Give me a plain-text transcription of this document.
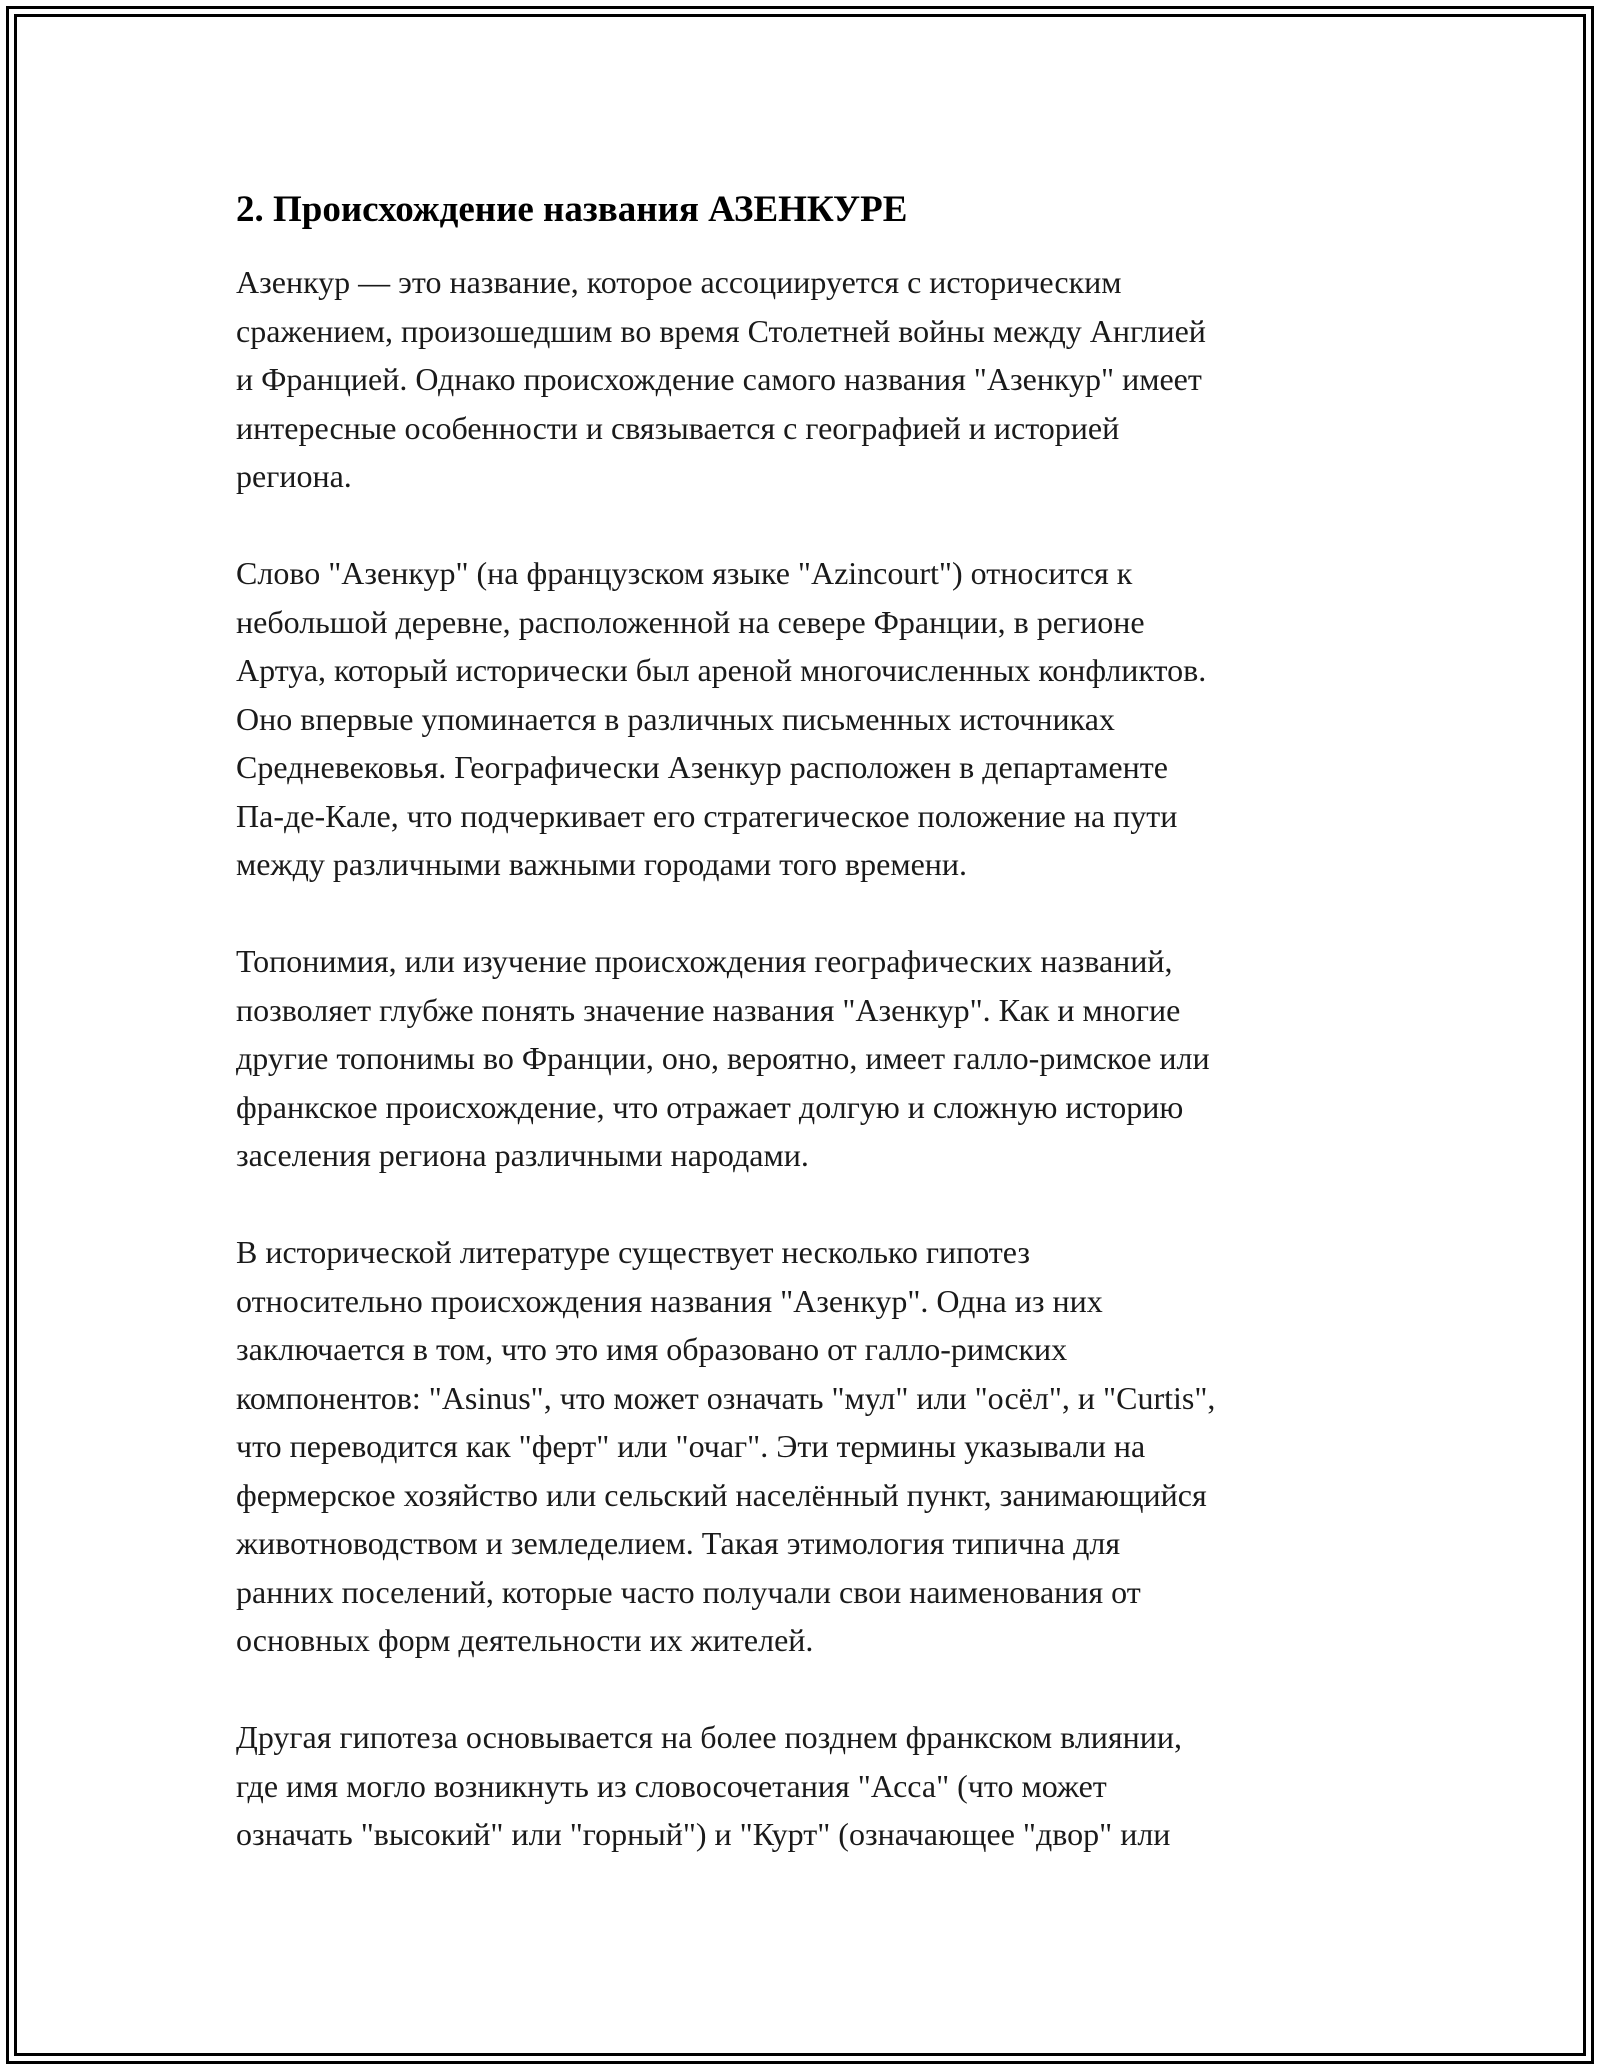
2. Происхождение названия АЗЕНКУРЕ

Азенкур — это название, которое ассоциируется с историческим
сражением, произошедшим во время Столетней войны между Англией
и Францией. Однако происхождение самого названия "Азенкур" имеет
интересные особенности и связывается с географией и историей
региона.

Слово "Азенкур" (на французском языке "Azincourt") относится к
небольшой деревне, расположенной на севере Франции, в регионе
Артуа, который исторически был ареной многочисленных конфликтов.
Оно впервые упоминается в различных письменных источниках
Средневековья. Географически Азенкур расположен в департаменте
Па-де-Кале, что подчеркивает его стратегическое положение на пути
между различными важными городами того времени.

Топонимия, или изучение происхождения географических названий,
позволяет глубже понять значение названия "Азенкур". Как и многие
другие топонимы во Франции, оно, вероятно, имеет галло-римское или
франкское происхождение, что отражает долгую и сложную историю
заселения региона различными народами.

В исторической литературе существует несколько гипотез
относительно происхождения названия "Азенкур". Одна из них
заключается в том, что это имя образовано от галло-римских
компонентов: "Asinus", что может означать "мул" или "осёл", и "Curtis",
что переводится как "ферт" или "очаг". Эти термины указывали на
фермерское хозяйство или сельский населённый пункт, занимающийся
животноводством и земледелием. Такая этимология типична для
ранних поселений, которые часто получали свои наименования от
основных форм деятельности их жителей.

Другая гипотеза основывается на более позднем франкском влиянии,
где имя могло возникнуть из словосочетания "Асса" (что может
означать "высокий" или "горный") и "Курт" (означающее "двор" или
